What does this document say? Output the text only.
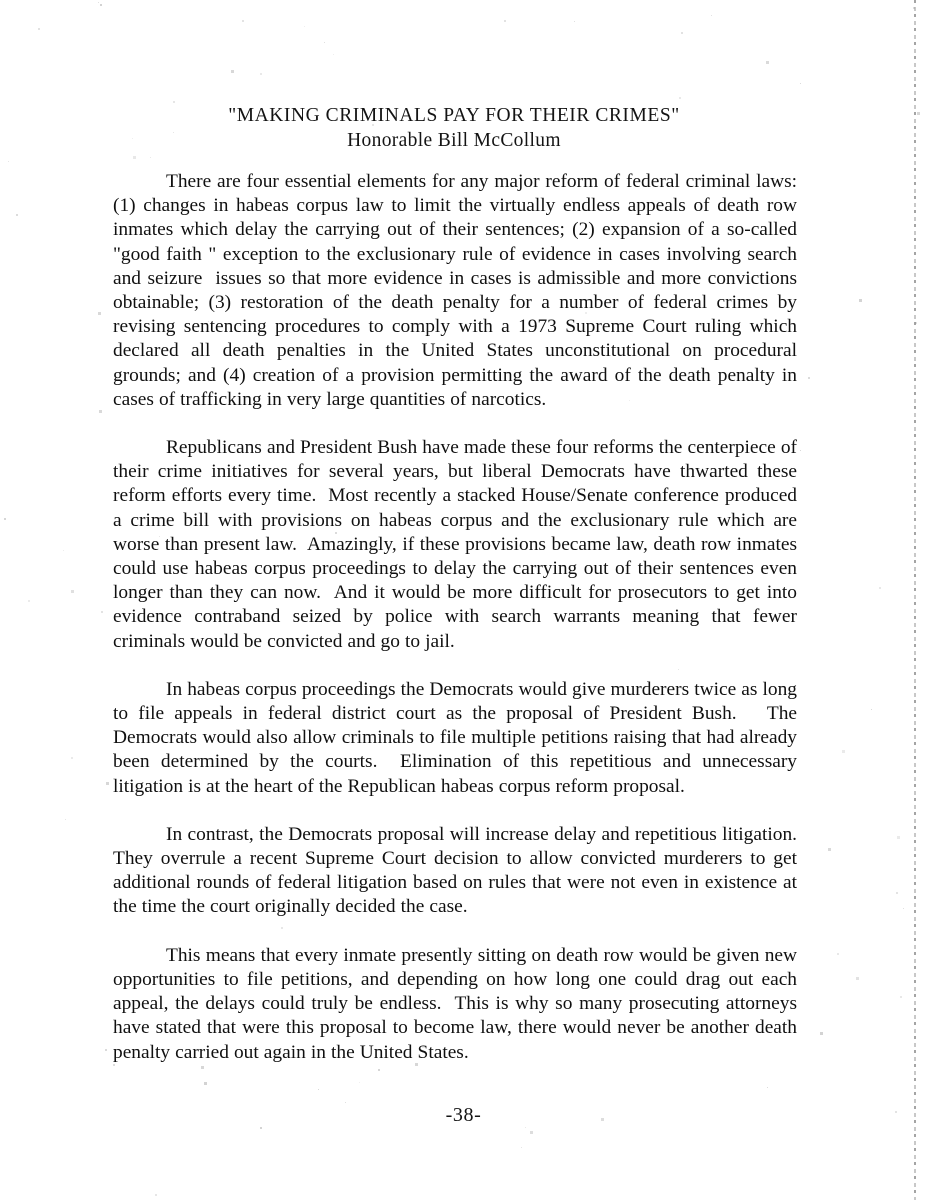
"MAKING CRIMINALS PAY FOR THEIR CRIMES"
Honorable Bill McCollum

There are four essential elements for any major reform of federal criminal laws: (1) changes in habeas corpus law to limit the virtually endless appeals of death row inmates which delay the carrying out of their sentences; (2) expansion of a so-called "good faith " exception to the exclusionary rule of evidence in cases involving search and seizure  issues so that more evidence in cases is admissible and more convictions obtainable; (3) restoration of the death penalty for a number of federal crimes by revising sentencing procedures to comply with a 1973 Supreme Court ruling which declared all death penalties in the United States unconstitutional on procedural grounds; and (4) creation of a provision permitting the award of the death penalty in cases of trafficking in very large quantities of narcotics.

Republicans and President Bush have made these four reforms the centerpiece of their crime initiatives for several years, but liberal Democrats have thwarted these reform efforts every time.  Most recently a stacked House/Senate conference produced a crime bill with provisions on habeas corpus and the exclusionary rule which are worse than present law.  Amazingly, if these provisions became law, death row inmates could use habeas corpus proceedings to delay the carrying out of their sentences even longer than they can now.  And it would be more difficult for prosecutors to get into evidence contraband seized by police with search warrants meaning that fewer criminals would be convicted and go to jail.

In habeas corpus proceedings the Democrats would give murderers twice as long to file appeals in federal district court as the proposal of President Bush.   The Democrats would also allow criminals to file multiple petitions raising that had already been determined by the courts.  Elimination of this repetitious and unnecessary litigation is at the heart of the Republican habeas corpus reform proposal.

In contrast, the Democrats proposal will increase delay and repetitious litigation.  They overrule a recent Supreme Court decision to allow convicted murderers to get additional rounds of federal litigation based on rules that were not even in existence at the time the court originally decided the case.

This means that every inmate presently sitting on death row would be given new opportunities to file petitions, and depending on how long one could drag out each appeal, the delays could truly be endless.  This is why so many prosecuting attorneys have stated that were this proposal to become law, there would never be another death penalty carried out again in the United States.

-38-
